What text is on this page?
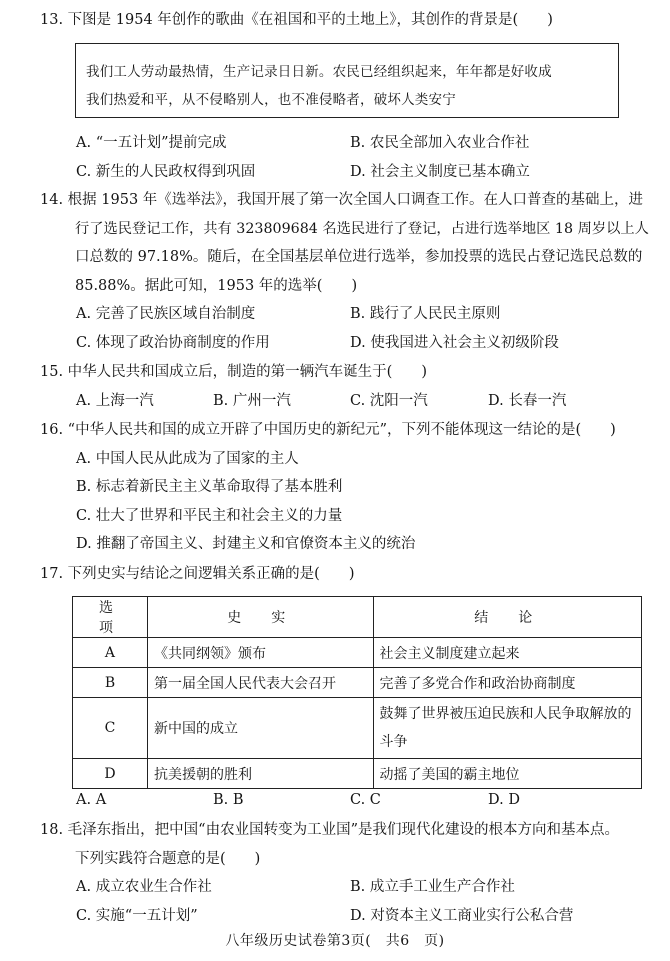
13. 下图是 1954 年创作的歌曲《在祖国和平的土地上》，其创作的背景是(　　)
我们工人劳动最热情，生产记录日日新。农民已经组织起来，年年都是好收成
我们热爱和平，从不侵略别人，也不准侵略者，破坏人类安宁
A. “一五计划”提前完成	B. 农民全部加入农业合作社
C. 新生的人民政权得到巩固	D. 社会主义制度已基本确立
14. 根据 1953 年《选举法》，我国开展了第一次全国人口调查工作。在人口普查的基础上，进
行了选民登记工作，共有 323809684 名选民进行了登记，占进行选举地区 18 周岁以上人
口总数的 97.18%。随后，在全国基层单位进行选举，参加投票的选民占登记选民总数的
85.88%。据此可知，1953 年的选举(　　)
A. 完善了民族区域自治制度	B. 践行了人民民主原则
C. 体现了政治协商制度的作用	D. 使我国进入社会主义初级阶段
15. 中华人民共和国成立后，制造的第一辆汽车诞生于(　　)
A. 上海一汽	B. 广州一汽	C. 沈阳一汽	D. 长春一汽
16. “中华人民共和国的成立开辟了中国历史的新纪元”，下列不能体现这一结论的是(　　)
A. 中国人民从此成为了国家的主人
B. 标志着新民主主义革命取得了基本胜利
C. 壮大了世界和平民主和社会主义的力量
D. 推翻了帝国主义、封建主义和官僚资本主义的统治
17. 下列史实与结论之间逻辑关系正确的是(　　)
选　项	史　实	结　论
A	《共同纲领》颁布	社会主义制度建立起来
B	第一届全国人民代表大会召开	完善了多党合作和政治协商制度
C	新中国的成立	鼓舞了世界被压迫民族和人民争取解放的斗争
D	抗美援朝的胜利	动摇了美国的霸主地位
A. A	B. B	C. C	D. D
18. 毛泽东指出，把中国“由农业国转变为工业国”是我们现代化建设的根本方向和基本点。
下列实践符合题意的是(　　)
A. 成立农业生合作社	B. 成立手工业生产合作社
C. 实施“一五计划”	D. 对资本主义工商业实行公私合营
八年级历史试卷第3页(　共6　页)
